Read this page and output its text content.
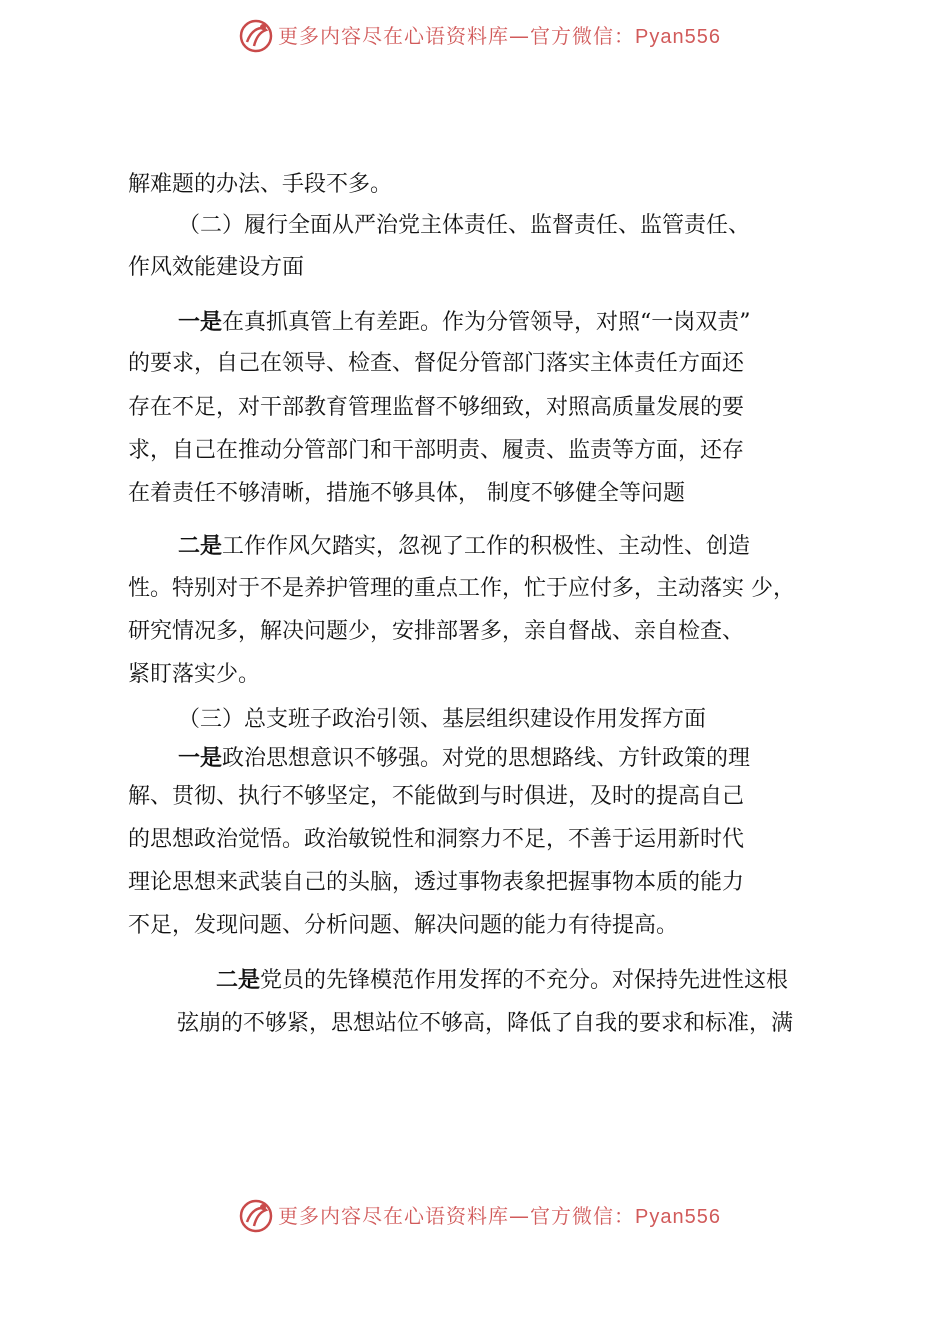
更多内容尽在心语资料库—官方微信：Pyan556
解难题的办法、手段不多。
（二）履行全面从严治党主体责任、监督责任、监管责任、
作风效能建设方面
一是在真抓真管上有差距。作为分管领导，对照“一岗双责”
的要求，自己在领导、检查、督促分管部门落实主体责任方面还
存在不足，对干部教育管理监督不够细致，对照高质量发展的要
求，自己在推动分管部门和干部明责、履责、监责等方面，还存
在着责任不够清晰，措施不够具体， 制度不够健全等问题
二是工作作风欠踏实，忽视了工作的积极性、主动性、创造
性。特别对于不是养护管理的重点工作，忙于应付多，主动落实 少，
研究情况多，解决问题少，安排部署多，亲自督战、亲自检查、
紧盯落实少。
（三）总支班子政治引领、基层组织建设作用发挥方面
一是政治思想意识不够强。对党的思想路线、方针政策的理
解、贯彻、执行不够坚定，不能做到与时俱进，及时的提高自己
的思想政治觉悟。政治敏锐性和洞察力不足，不善于运用新时代
理论思想来武装自己的头脑，透过事物表象把握事物本质的能力
不足，发现问题、分析问题、解决问题的能力有待提高。
二是党员的先锋模范作用发挥的不充分。对保持先进性这根
弦崩的不够紧，思想站位不够高，降低了自我的要求和标准，满
更多内容尽在心语资料库—官方微信：Pyan556
